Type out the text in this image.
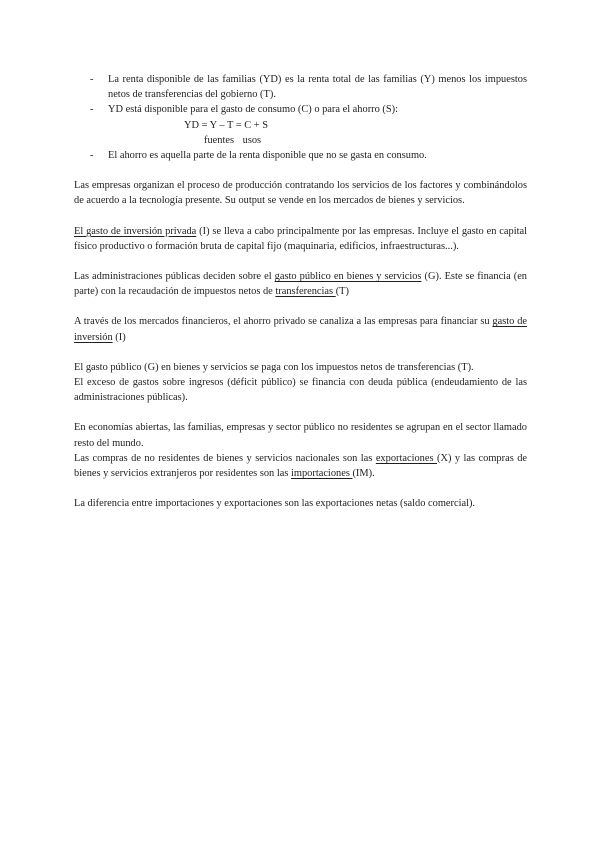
- La renta disponible de las familias (YD) es la renta total de las familias (Y) menos los impuestos netos de transferencias del gobierno (T).
- YD está disponible para el gasto de consumo (C) o para el ahorro (S):
YD = Y – T = C + S
fuentes usos
- El ahorro es aquella parte de la renta disponible que no se gasta en consumo.

Las empresas organizan el proceso de producción contratando los servicios de los factores y combinándolos de acuerdo a la tecnología presente. Su output se vende en los mercados de bienes y servicios.

El gasto de inversión privada (I) se lleva a cabo principalmente por las empresas. Incluye el gasto en capital físico productivo o formación bruta de capital fijo (maquinaria, edificios, infraestructuras...).

Las administraciones públicas deciden sobre el gasto público en bienes y servicios (G). Este se financia (en parte) con la recaudación de impuestos netos de transferencias (T)

A través de los mercados financieros, el ahorro privado se canaliza a las empresas para financiar su gasto de inversión (I)

El gasto público (G) en bienes y servicios se paga con los impuestos netos de transferencias (T).

El exceso de gastos sobre ingresos (déficit público) se financia con deuda pública (endeudamiento de las administraciones públicas).

En economías abiertas, las familias, empresas y sector público no residentes se agrupan en el sector llamado resto del mundo.

Las compras de no residentes de bienes y servicios nacionales son las exportaciones (X) y las compras de bienes y servicios extranjeros por residentes son las importaciones (IM).

La diferencia entre importaciones y exportaciones son las exportaciones netas (saldo comercial).
